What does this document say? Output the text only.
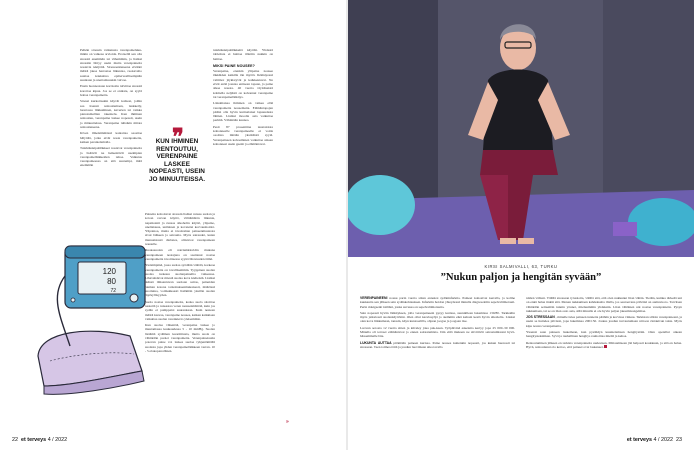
Pelkän stressin vaikutusta verenpaineluku-mikin on vaikeaa arvioida. Erotsellä sen olla stressiä enemmän tai vähemmän, ja lisäksi stressiin liittyy usein muita verenpainetta nostavia tekijöitä. Stressaantuneena eivätkö määrä jaksa harrastaa liikuntaa, ruokavalio saattaa kokkaitua epäterveellisempään suuntaan ja unettomuuskin vaivaa.

Ensin luonnostaan kortisolia tulvittaa stressiä korottaa kipua. Jos se ei onnistu, on syytä hoitaa verenpainetta.

Stressi kurkottaakin käyvät kohteet, joihin saa itsensä rentoutumaan, lenkkeily, luontossa liikkuminen, kaverien tai vaikka pienoismallien rakentelu. Kun ihminen rentoutuu, verenpaine laskee nopeasti, usein jo minuutteissa. Verenpaine tulisikin mitata rentoutuneena.

Kiven ilmeisimmässä kantattaa saostiaa hälyttää, jotka eivät nosta verenpainetta, kaiken parantelemalla.

Tulehduskipulääkkeet nostavat verenpainetta ja lisäävät ne heikentävät useimpien verenpainelääkkeiden tehoa. Vaikutus verenpaineessa on sitä suurempi, mitä enemmän

❞
KUN IHMINEN RENTOUTUU, VERENPAINE LASKEE NOPEASTI, USEIN JO MINUUTEISSA.

tulehduskipulääkkeitä käyttää. Yhdestä tabletista ei haittaa tilletiin nukkin on haittaa.

MIKSI PAINE NOUSEE?

Verenpaine, etenkin yläpaine nousee iäkkäiden kaikilla iän myötä. Ikääntyessä valtimot jäykistyvät ja kalkkeutuvat. Ne eivät enää joustaa entiseen tapaan, ja paine alkaa nousta. 40 vuotta täyttäneistä kolmella neljästä on kohonnut verenpaine tai verenpainelääkitys.

Länsimaissa ihminen on vaikea elää verenpainetta nousematta. Elämäntapojen pitäisi olla hyvin kurinalaiset lapsuudesta lähtien. Lisäksi moodia asia vaikuttaa perimä. Vähintään kaunos.

Pesti 87 prosenttina taustaloista kohonneelle verenpaineelle ei voida osoittaa mitään yksittäistä syytä. Verenpaineen kohoaminen vaikuttaa ainaan kohonneet usein geenit ja elämäntavat.

Paineita kohottavat stressin lisäksi runsas suolan ja kovan rasvan käyttö, välttämätön liikunta, napsikointi ja runsas alkoholin käyttö, ylipaino, uneliaisuus, unilainen ja kovetetut korvaushoidot. Ylipainoa, muita ei tavattoman paineenmuutosta sivut lääkeen ja sairautta. Myös sairaudet, kuten munuaistauti diabetes, altistavat verenpaineen nousulle.

Ruokasuolan eli natriumkloridin mukana verenpaineen nostajana on saattanut nostaa verenpainetta tavoitteessa syynä lihavuuden tämä.

Yleisimpänä, jossa suolaa syödään väittää, korkeaa verenpainetta on tavallisemmin. Tyyppinen suolan suolaa tuoksuu suolanpaineilta vaikeassa. Lihavahdavat miestä suolaa kova kielteistä. Lisäksi ikänsä ilmaantuvan suolaan sairas, paineiden hieman kotona tarkoituksenmukaisesti, määrässä suoriutua, voimakkaasti lisäämän yksilön suolan myrkyllisyyden.

Suola nostaa verenpainetta, koska suola sitoittaa nestettä ja runsastaa veren nesteenmäärää, kuin jos sydän ei pumppaisi suurenkaan. Kuin nesteen määrä kasvaa, verenpaine nousee, kaiken kaikkiaan vaikuttaa suolan verenkierto yleisemmin.

Kun suolaa vähentää, verenpaine laskee jo muutamassa kuukaudessa 5 - 10 mmHg. Suolan lisäämä sydämen kuormitusta, mutta suola on vähintään puolet verenpainetta. Verenpainetautia potevan paine voi laskea suolaa tyhjentämällä suolasta jopa yhden verenpainelääkkeen verran. 10 - 5 elokopanollinen.

120
80
72
22 et terveys 4 / 2022
»
KIRSI SALMIVALLI, 63, TURKU
”Nukun paljon ja hengitän syvään”

VERENPAINEENI nousu parin vuotta sitten ennakoi sydäninfarktia. Paineet kohosivat kerralla, ja kolme kuukautta sen jälkeen sain sydänkohtauksen. Infarktin hoidon yhteydessä minulla diagnosoitiin sepelvaltimotauti. Perin riskigeenit isältäni, jonka suvussa on sepelvaltimotautia.

Sain nopeasti hyvän lääkityksen, jolla verenpaineeni pysyy kurissa, suunnilleen lukemissa 130/80. Tarkkailin myös jatkuvasti suolankäyttöäni. Olen ollut kasvissyöjä jo aiemmin eikä kehoni kestä hyvin alkoholia. Liiaksi olen kova liikkumaan, tanssin, käyn kuntosalilla, ohjaan joogaa ja joogaan itse.

Luovun aotosta 12 vuotta sitten ja käveley joka pak-kaan. Työpäivinä askeleita kertyy jopa 25 000–30 000. Minulla oli terveet elämäntavat jo ennen sairastumista. Jäin elää mukaan ne siivittivät sairastumistani hyvä- hässemmalle läte.

LUKUNTA AUTTAA pitämään paineen kurissa. Paine nousee kuitenkin nopeasti, jos kukun huonosti tai stressaan. Teen toimea töitä ja joudun luovimaan aika tavalla

niiden välissä. Välillä stressaan työasioita, välillä sitä, että olen nukkunut liian vähän. Tiedän, kuinka tärkeää uni on enkä halua tinkiä sitä. Menen nukkumaan kahdeksalta illalla, jos seuraavana päivänä on aamuvuoro. Tarvitsen vähintään seitsemän tunnin yöunet, mieluummin yhdeksän. Liian vähäinen uni nostaa verenpainetta. Pysyn nukkumaan, tai se on ihan outo asia, sillä minulla ei ole hyvin paljon jaksamisongelmaa.

JOS STRESSAAN , minulle tulee paineen tunnetta päähän ja korvissa vinkuu. Tarkistan silloin verenpaineeni, ja usein se huitelee pilvissä, jopa lukemissa 200/150. Joskus joudun turvautumaan nitroon rintakivun takia. Myös kipu nostaa verenpainetta.

Yleensä saan paineen laskemaan, kun pysähdyn kuuntelemaan hengitystäni. Olen opetellut oikean hengitystekniikan. Syvä ja rauhallinen hengitys rauhoittaa mieltä ja kehoa.

Rentoutumisen jälkeen en tarkista verenpainetta uudestaan. Mittaamiseen jää helposti koukkuun, ja sitä en halua. Hyvä, rentoutunut olo kertoo, että paineet ovat laskeneet.

et terveys 4 / 2022 23
